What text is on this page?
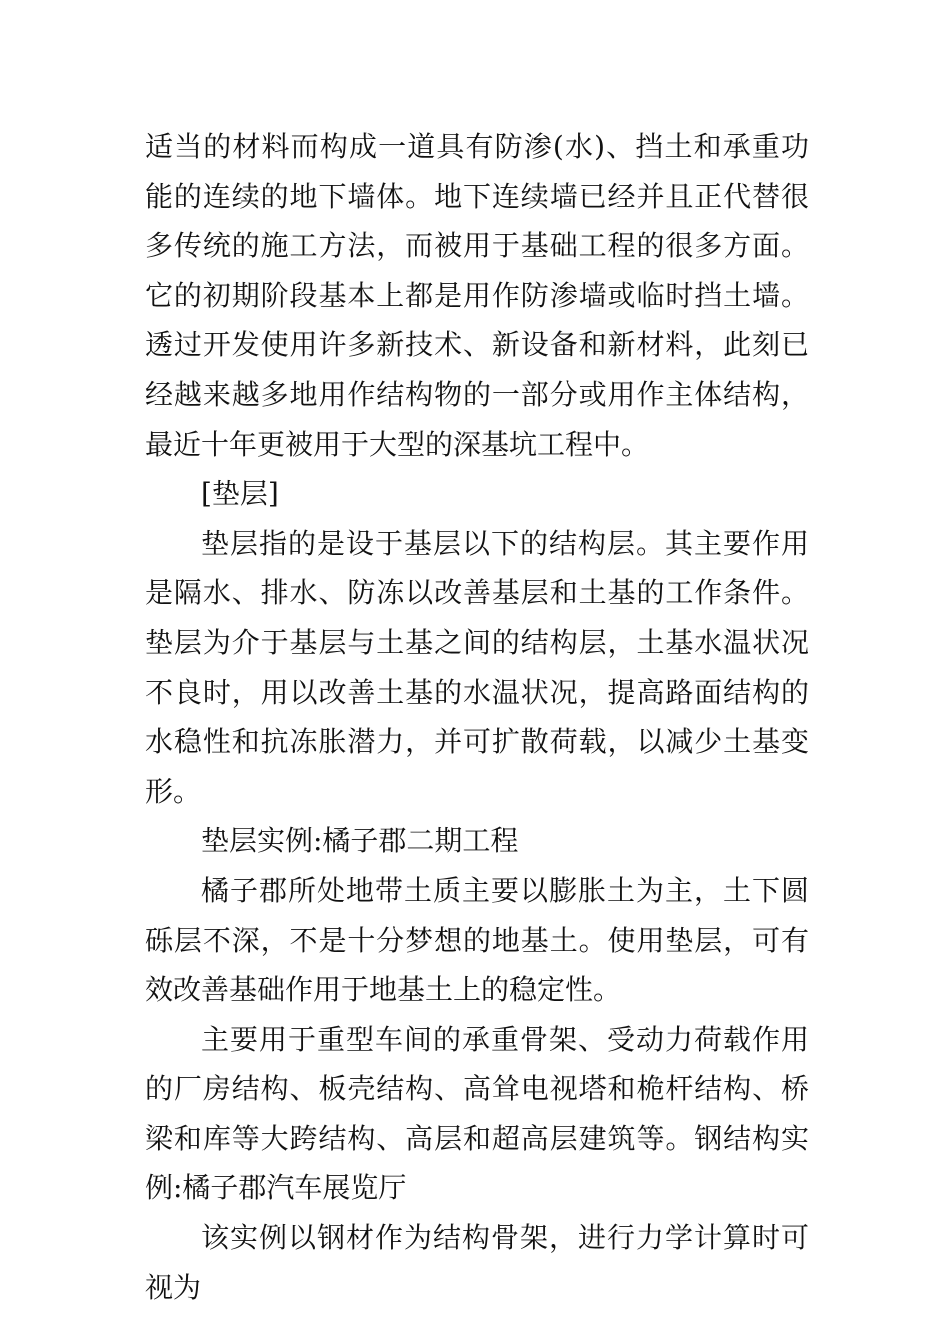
适当的材料而构成一道具有防渗(水)、挡土和承重功能的连续的地下墙体。地下连续墙已经并且正代替很多传统的施工方法，而被用于基础工程的很多方面。它的初期阶段基本上都是用作防渗墙或临时挡土墙。透过开发使用许多新技术、新设备和新材料，此刻已经越来越多地用作结构物的一部分或用作主体结构，最近十年更被用于大型的深基坑工程中。

[垫层]

垫层指的是设于基层以下的结构层。其主要作用是隔水、排水、防冻以改善基层和土基的工作条件。垫层为介于基层与土基之间的结构层，土基水温状况不良时，用以改善土基的水温状况，提高路面结构的水稳性和抗冻胀潜力，并可扩散荷载，以减少土基变形。

垫层实例:橘子郡二期工程

橘子郡所处地带土质主要以膨胀土为主，土下圆砾层不深，不是十分梦想的地基土。使用垫层，可有效改善基础作用于地基土上的稳定性。

主要用于重型车间的承重骨架、受动力荷载作用的厂房结构、板壳结构、高耸电视塔和桅杆结构、桥梁和库等大跨结构、高层和超高层建筑等。钢结构实例:橘子郡汽车展览厅

该实例以钢材作为结构骨架，进行力学计算时可视为
